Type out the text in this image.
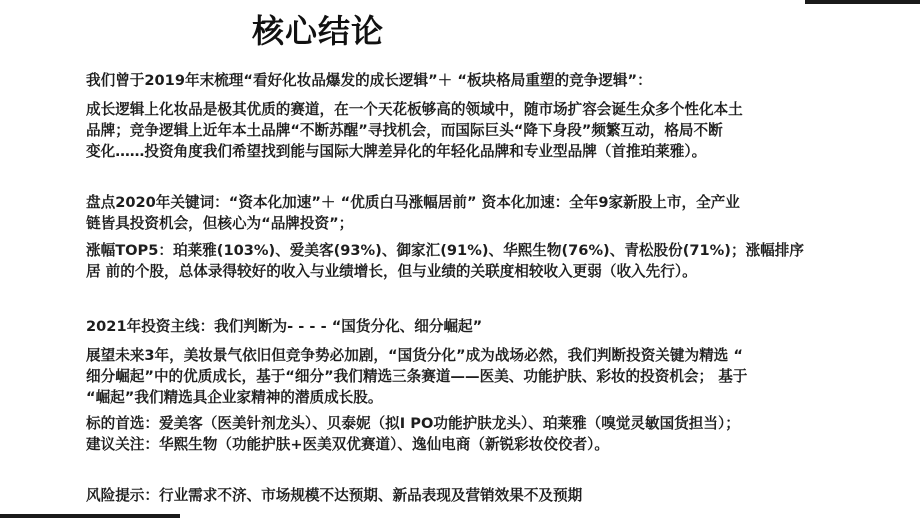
核心结论
我们曾于2019年末梳理“看好化妆品爆发的成长逻辑”＋ “板块格局重塑的竞争逻辑”：
成长逻辑上化妆品是极其优质的赛道，在一个天花板够高的领域中，随市场扩容会诞生众多个性化本土
品牌；竞争逻辑上近年本土品牌“不断苏醒”寻找机会，而国际巨头“降下身段”频繁互动，格局不断
变化……投资角度我们希望找到能与国际大牌差异化的年轻化品牌和专业型品牌（首推珀莱雅）。
盘点2020年关键词：“资本化加速”＋ “优质白马涨幅居前” 资本化加速：全年9家新股上市，全产业
链皆具投资机会，但核心为“品牌投资”；
涨幅TOP5：珀莱雅(103%)、爱美客(93%)、御家汇(91%)、华熙生物(76%)、青松股份(71%)；涨幅排序
居 前的个股，总体录得较好的收入与业绩增长，但与业绩的关联度相较收入更弱（收入先行）。
2021年投资主线：我们判断为- - - - “国货分化、细分崛起”
展望未来3年，美妆景气依旧但竞争势必加剧，“国货分化”成为战场必然，我们判断投资关键为精选 “
细分崛起”中的优质成长，基于“细分”我们精选三条赛道——医美、功能护肤、彩妆的投资机会； 基于
“崛起”我们精选具企业家精神的潜质成长股。
标的首选：爱美客（医美针剂龙头）、贝泰妮（拟I PO功能护肤龙头）、珀莱雅（嗅觉灵敏国货担当）；
建议关注：华熙生物（功能护肤+医美双优赛道）、逸仙电商（新锐彩妆佼佼者）。
风险提示：行业需求不济、市场规模不达预期、新品表现及营销效果不及预期
